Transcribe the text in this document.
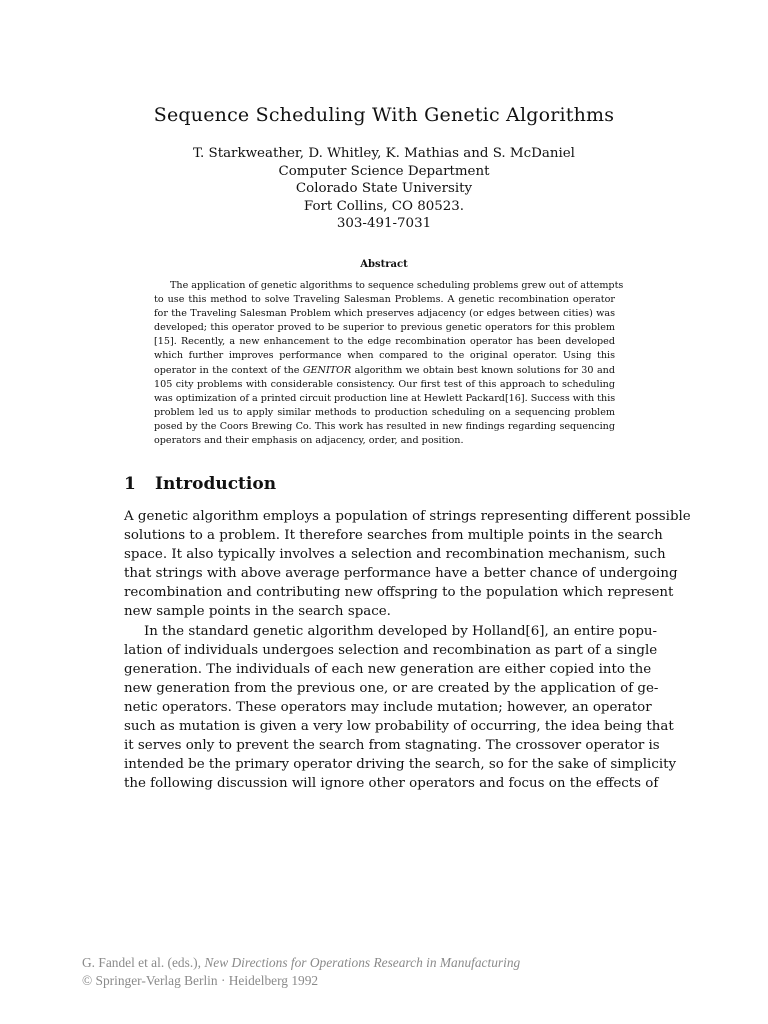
Sequence Scheduling With Genetic Algorithms
T. Starkweather, D. Whitley, K. Mathias and S. McDaniel
Computer Science Department
Colorado State University
Fort Collins, CO 80523.
303-491-7031
Abstract
The application of genetic algorithms to sequence scheduling problems grew out of attempts
to use this method to solve Traveling Salesman Problems. A genetic recombination operator
for the Traveling Salesman Problem which preserves adjacency (or edges between cities) was
developed; this operator proved to be superior to previous genetic operators for this problem
[15]. Recently, a new enhancement to the edge recombination operator has been developed
which further improves performance when compared to the original operator. Using this
operator in the context of the GENITOR algorithm we obtain best known solutions for 30 and
105 city problems with considerable consistency. Our first test of this approach to scheduling
was optimization of a printed circuit production line at Hewlett Packard[16]. Success with this
problem led us to apply similar methods to production scheduling on a sequencing problem
posed by the Coors Brewing Co. This work has resulted in new findings regarding sequencing
operators and their emphasis on adjacency, order, and position.
1 Introduction
A genetic algorithm employs a population of strings representing different possible
solutions to a problem. It therefore searches from multiple points in the search
space. It also typically involves a selection and recombination mechanism, such
that strings with above average performance have a better chance of undergoing
recombination and contributing new offspring to the population which represent
new sample points in the search space.
In the standard genetic algorithm developed by Holland[6], an entire popu-
lation of individuals undergoes selection and recombination as part of a single
generation. The individuals of each new generation are either copied into the
new generation from the previous one, or are created by the application of ge-
netic operators. These operators may include mutation; however, an operator
such as mutation is given a very low probability of occurring, the idea being that
it serves only to prevent the search from stagnating. The crossover operator is
intended be the primary operator driving the search, so for the sake of simplicity
the following discussion will ignore other operators and focus on the effects of
G. Fandel et al. (eds.), New Directions for Operations Research in Manufacturing
© Springer-Verlag Berlin · Heidelberg 1992
